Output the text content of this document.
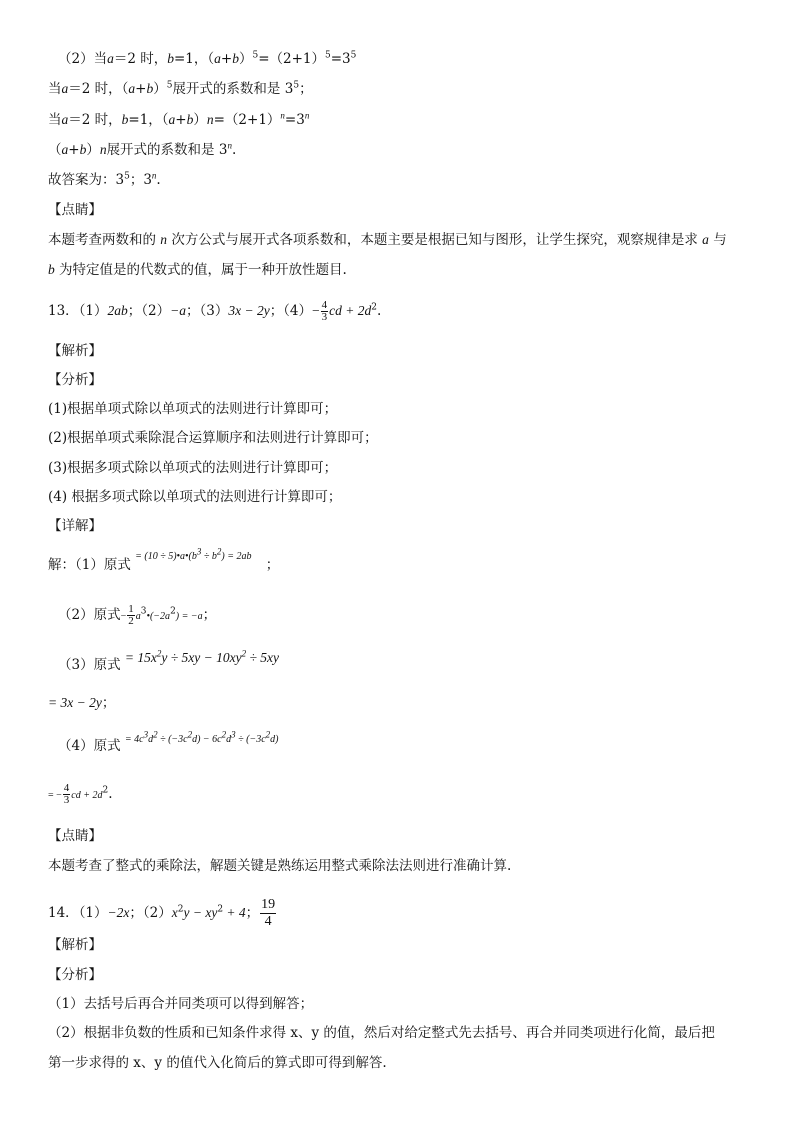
（2）当a＝2 时，b=1，$(a+b)^5=(2+1)^5=3^5$
当a＝2 时，$(a+b)^5$展开式的系数和是 $3^5$；
当a＝2 时，b=1，$(a+b)n=(2+1)^n=3^n$
（a+b）n展开式的系数和是 3$^n$.
故答案为：$3^5$；3$^n$.
【点睛】
本题考查两数和的 n 次方公式与展开式各项系数和，本题主要是根据已知与图形，让学生探究，观察规律是求 a 与
b 为特定值是的代数式的值，属于一种开放性题目.
13．（1）2ab；（2）−a；（3）3x − 2y；$(4)- \frac{4}{3}$ cd + $2d^2$.
【解析】
【分析】
(1)根据单项式除以单项式的法则进行计算即可；
(2)根据单项式乘除混合运算顺序和法则进行计算即可；
(3)根据多项式除以单项式的法则进行计算即可；
(4) 根据多项式除以单项式的法则进行计算即可；
【详解】
解：（1）原式 $^{= (10 \div 5)•a•(b^3 \div b^2) = 2ab}$ ；
（2）原式− $\frac{1}{2}$ $a^3•(-2a^2) = -a$；
（3）原式 = $15x^2y \div 5xy - 10xy^2 \div 5xy$
= 3x − 2y；
（4）原式 $^{= 4c^3d^2 \div (-3c^2d) - 6c^2d^3 \div (-3c^2d)}$
= − $\frac{4}{3}$ cd + $2d^2$.
【点睛】
本题考查了整式的乘除法，解题关键是熟练运用整式乘除法法则进行准确计算.
14．（1）−2x；$(2)x^2y - xy^2 + 4$； $\frac{19}{4}$
【解析】
【分析】
（1）去括号后再合并同类项可以得到解答；
（2）根据非负数的性质和已知条件求得 x、y 的值，然后对给定整式先去括号、再合并同类项进行化简，最后把
第一步求得的 x、y 的值代入化简后的算式即可得到解答.
